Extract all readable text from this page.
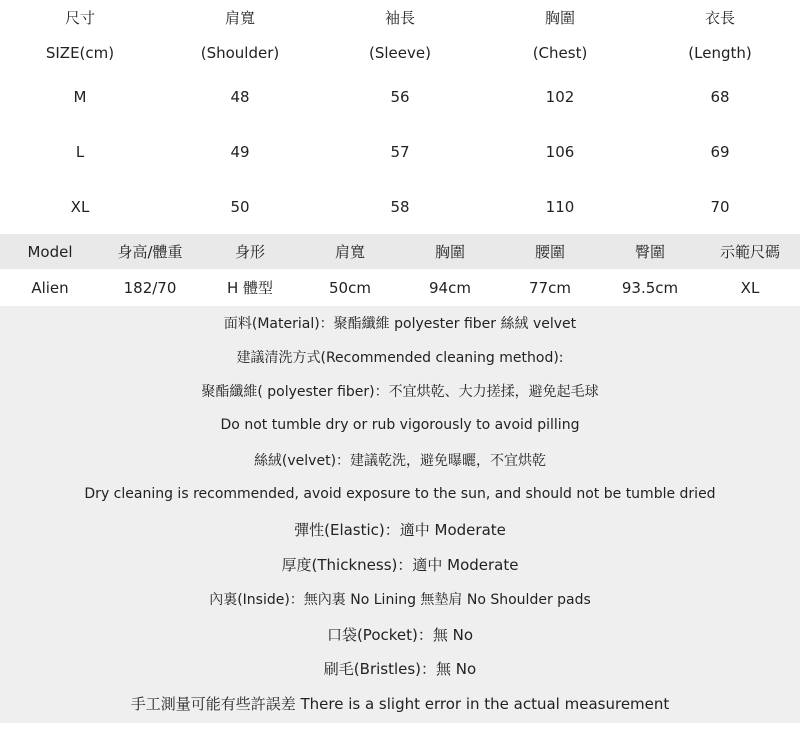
尺寸	肩寬	袖長	胸圍	衣長
SIZE(cm)	(Shoulder)	(Sleeve)	(Chest)	(Length)
M	48	56	102	68
L	49	57	106	69
XL	50	58	110	70
Model	身高/體重	身形	肩寬	胸圍	腰圍	臀圍	示範尺碼
Alien	182/70	H 體型	50cm	94cm	77cm	93.5cm	XL
面料(Material)：聚酯纖維 polyester fiber 絲絨 velvet
建議清洗方式(Recommended cleaning method):
聚酯纖維( polyester fiber)：不宜烘乾、大力搓揉，避免起毛球
Do not tumble dry or rub vigorously to avoid pilling
絲絨(velvet)：建議乾洗，避免曝曬，不宜烘乾
Dry cleaning is recommended, avoid exposure to the sun, and should not be tumble dried
彈性(Elastic)：適中 Moderate
厚度(Thickness)：適中 Moderate
內裏(Inside)：無內裏 No Lining 無墊肩 No Shoulder pads
口袋(Pocket)：無 No
刷毛(Bristles)：無 No
手工測量可能有些許誤差 There is a slight error in the actual measurement
